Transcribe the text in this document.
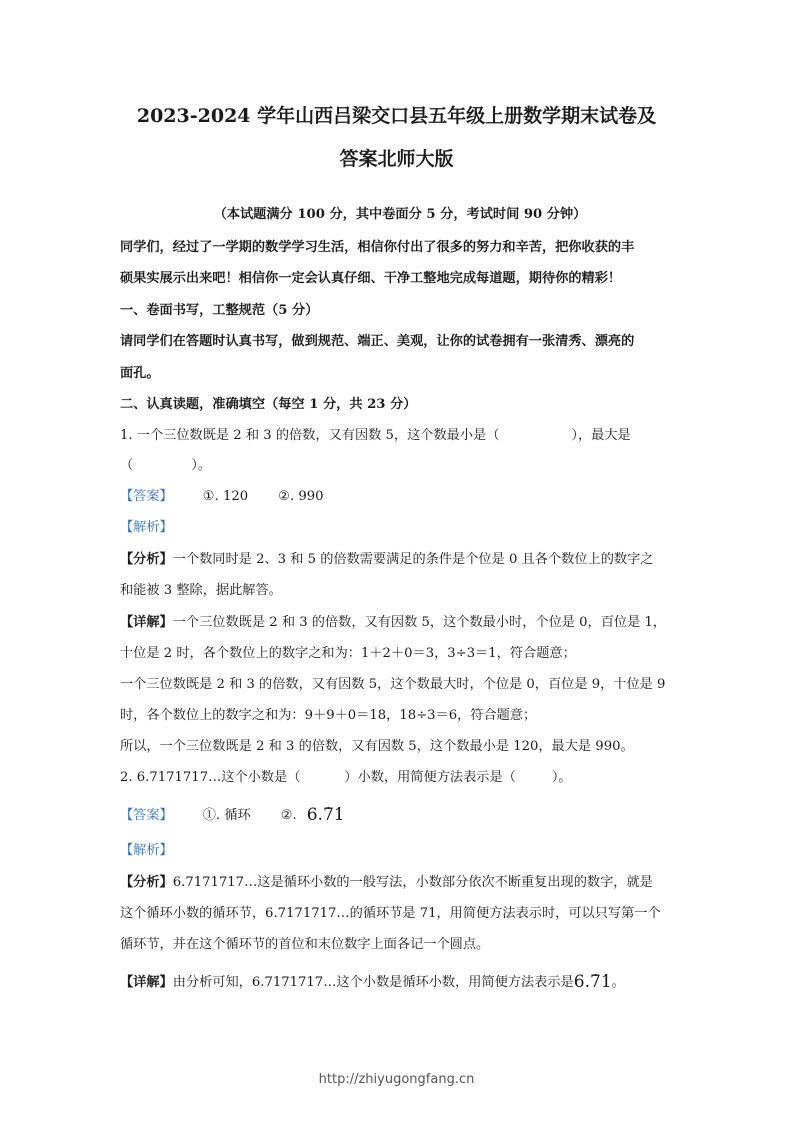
2023-2024 学年山西吕梁交口县五年级上册数学期末试卷及
答案北师大版
（本试题满分 100 分，其中卷面分 5 分，考试时间 90 分钟）
同学们，经过了一学期的数学学习生活，相信你付出了很多的努力和辛苦，把你收获的丰
硕果实展示出来吧！相信你一定会认真仔细、干净工整地完成每道题，期待你的精彩！
一、卷面书写，工整规范（5 分）
请同学们在答题时认真书写，做到规范、端正、美观，让你的试卷拥有一张清秀、漂亮的
面孔。
二、认真读题，准确填空（每空 1 分，共 23 分）
1. 一个三位数既是 2 和 3 的倍数，又有因数 5，这个数最小是（	），最大是
（	）。
【答案】 ①. 120 ②. 990
【解析】
【分析】一个数同时是 2、3 和 5 的倍数需要满足的条件是个位是 0 且各个数位上的数字之
和能被 3 整除，据此解答。
【详解】一个三位数既是 2 和 3 的倍数，又有因数 5，这个数最小时，个位是 0，百位是 1，
十位是 2 时，各个数位上的数字之和为：1＋2＋0＝3，3÷3＝1，符合题意；
一个三位数既是 2 和 3 的倍数，又有因数 5，这个数最大时，个位是 0，百位是 9，十位是 9
时，各个数位上的数字之和为：9＋9＋0＝18，18÷3＝6，符合题意；
所以，一个三位数既是 2 和 3 的倍数，又有因数 5，这个数最小是 120，最大是 990。
2. 6.7171717…这个小数是（	）小数，用简便方法表示是（	）。
【答案】 ①. 循环 ②. 6.. 7. 1
【解析】
【分析】6.7171717…这是循环小数的一般写法，小数部分依次不断重复出现的数字，就是
这个循环小数的循环节，6.7171717…的循环节是 71，用简便方法表示时，可以只写第一个
循环节，并在这个循环节的首位和末位数字上面各记一个圆点。
【详解】由分析可知，6.7171717…这个小数是循环小数，用简便方法表示是6.. 7. 1。
http://zhiyugongfang.cn
